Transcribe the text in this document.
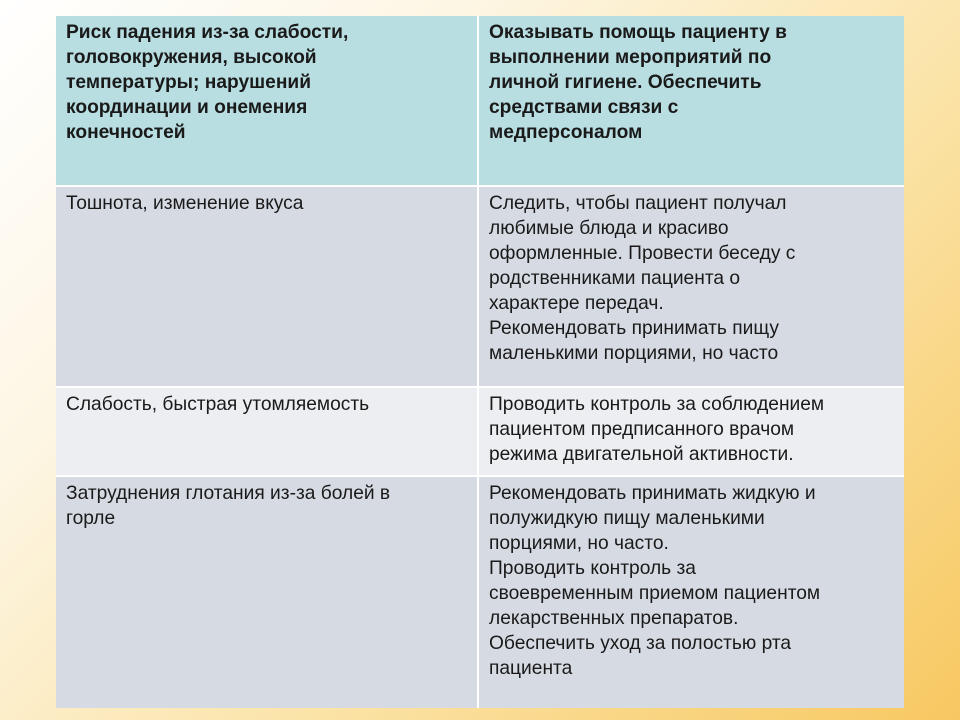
Риск падения из-за слабости,
головокружения, высокой
температуры; нарушений
координации и онемения
конечностей
Оказывать помощь пациенту в
выполнении мероприятий по
личной гигиене. Обеспечить
средствами связи с
медперсоналом
Тошнота, изменение вкуса	Следить, чтобы пациент получал
любимые блюда и красиво
оформленные. Провести беседу с
родственниками пациента о
характере передач.
Рекомендовать принимать пищу
маленькими порциями, но часто
Слабость, быстрая утомляемость	Проводить контроль за соблюдением
пациентом предписанного врачом
режима двигательной активности.
Затруднения глотания из-за болей в
горле
Рекомендовать принимать жидкую и
полужидкую пищу маленькими
порциями, но часто.
Проводить контроль за
своевременным приемом пациентом
лекарственных препаратов.
Обеспечить уход за полостью рта
пациента
